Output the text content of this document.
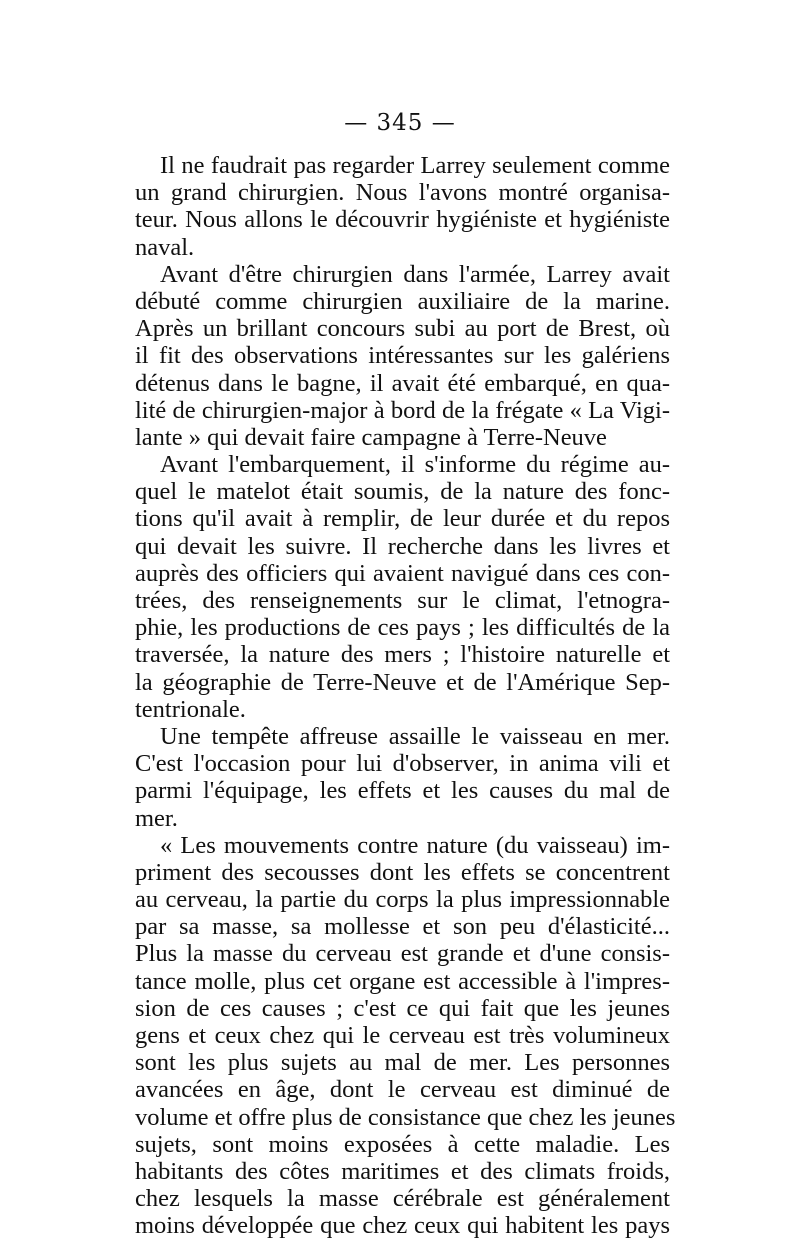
— 345 —
Il ne faudrait pas regarder Larrey seulement comme
un grand chirurgien. Nous l'avons montré organisa-
teur. Nous allons le découvrir hygiéniste et hygiéniste
naval.
Avant d'être chirurgien dans l'armée, Larrey avait
débuté comme chirurgien auxiliaire de la marine.
Après un brillant concours subi au port de Brest, où
il fit des observations intéressantes sur les galériens
détenus dans le bagne, il avait été embarqué, en qua-
lité de chirurgien-major à bord de la frégate « La Vigi-
lante » qui devait faire campagne à Terre-Neuve
Avant l'embarquement, il s'informe du régime au-
quel le matelot était soumis, de la nature des fonc-
tions qu'il avait à remplir, de leur durée et du repos
qui devait les suivre. Il recherche dans les livres et
auprès des officiers qui avaient navigué dans ces con-
trées, des renseignements sur le climat, l'etnogra-
phie, les productions de ces pays ; les difficultés de la
traversée, la nature des mers ; l'histoire naturelle et
la géographie de Terre-Neuve et de l'Amérique Sep-
tentrionale.
Une tempête affreuse assaille le vaisseau en mer.
C'est l'occasion pour lui d'observer, in anima vili et
parmi l'équipage, les effets et les causes du mal de
mer.
« Les mouvements contre nature (du vaisseau) im-
priment des secousses dont les effets se concentrent
au cerveau, la partie du corps la plus impressionnable
par sa masse, sa mollesse et son peu d'élasticité...
Plus la masse du cerveau est grande et d'une consis-
tance molle, plus cet organe est accessible à l'impres-
sion de ces causes ; c'est ce qui fait que les jeunes
gens et ceux chez qui le cerveau est très volumineux
sont les plus sujets au mal de mer. Les personnes
avancées en âge, dont le cerveau est diminué de
volume et offre plus de consistance que chez les jeunes
sujets, sont moins exposées à cette maladie. Les
habitants des côtes maritimes et des climats froids,
chez lesquels la masse cérébrale est généralement
moins développée que chez ceux qui habitent les pays
